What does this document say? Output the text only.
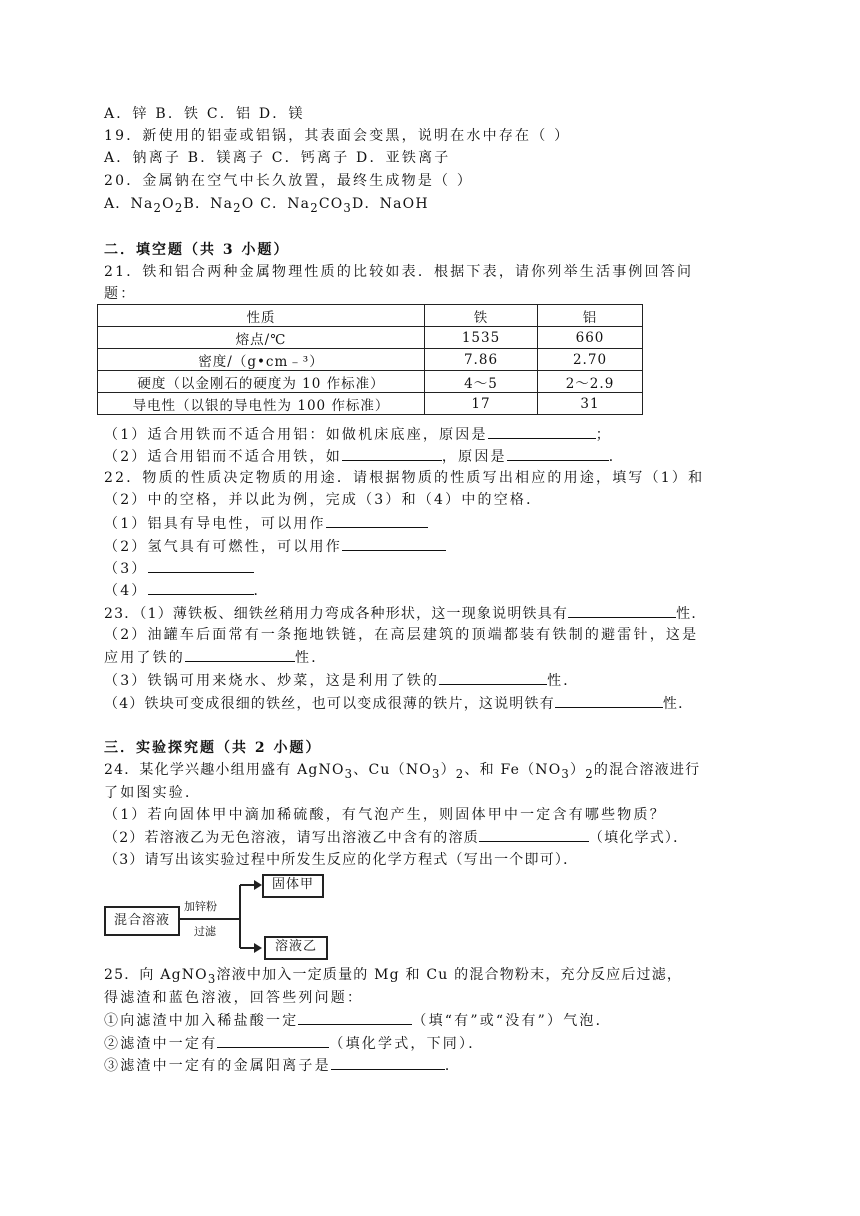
A．锌 B．铁 C．铝 D．镁
19．新使用的铝壶或铝锅，其表面会变黑，说明在水中存在（ ）
A．钠离子 B．镁离子 C．钙离子 D．亚铁离子
20．金属钠在空气中长久放置，最终生成物是（ ）
A．$Na_2O_2B$．$Na_2O$ C．$Na_2CO_3D$．NaOH
二．填空题（共 3 小题）
21．铁和铝合两种金属物理性质的比较如表．根据下表，请你列举生活事例回答问
题：
性质	铁	铝
熔点/℃	1535	660
密度/（g•cm﹣³）	7.86	2.70
硬度（以金刚石的硬度为 10 作标准）	4～5	2～2.9
导电性（以银的导电性为 100 作标准）	17	31
（1）适合用铁而不适合用铝：如做机床底座，原因是	；
（2）适合用铝而不适合用铁，如	，原因是	．
22．物质的性质决定物质的用途．请根据物质的性质写出相应的用途，填写（1）和
（2）中的空格，并以此为例，完成（3）和（4）中的空格．
（1）铝具有导电性，可以用作
（2）氢气具有可燃性，可以用作
（3）
（4）	．
23．（1）薄铁板、细铁丝稍用力弯成各种形状，这一现象说明铁具有	性．
（2）油罐车后面常有一条拖地铁链，在高层建筑的顶端都装有铁制的避雷针，这是
应用了铁的	性．
（3）铁锅可用来烧水、炒菜，这是利用了铁的	性．
（4）铁块可变成很细的铁丝，也可以变成很薄的铁片，这说明铁有	性．
三．实验探究题（共 2 小题）
24．某化学兴趣小组用盛有 AgNO$_3$、$Cu(NO_3)_2$、和 $Fe(NO_3)_2$的混合溶液进行
了如图实验．
（1）若向固体甲中滴加稀硫酸，有气泡产生，则固体甲中一定含有哪些物质？
（2）若溶液乙为无色溶液，请写出溶液乙中含有的溶质	（填化学式）．
（3）请写出该实验过程中所发生反应的化学方程式（写出一个即可）．
混合溶液
加锌粉
过滤
固体甲
溶液乙
25．向 AgNO$_3$溶液中加入一定质量的 Mg 和 Cu 的混合物粉末，充分反应后过滤，
得滤渣和蓝色溶液，回答些列问题：
①向滤渣中加入稀盐酸一定	（填“有”或“没有”）气泡．
②滤渣中一定有	（填化学式，下同）．
③滤渣中一定有的金属阳离子是	．
